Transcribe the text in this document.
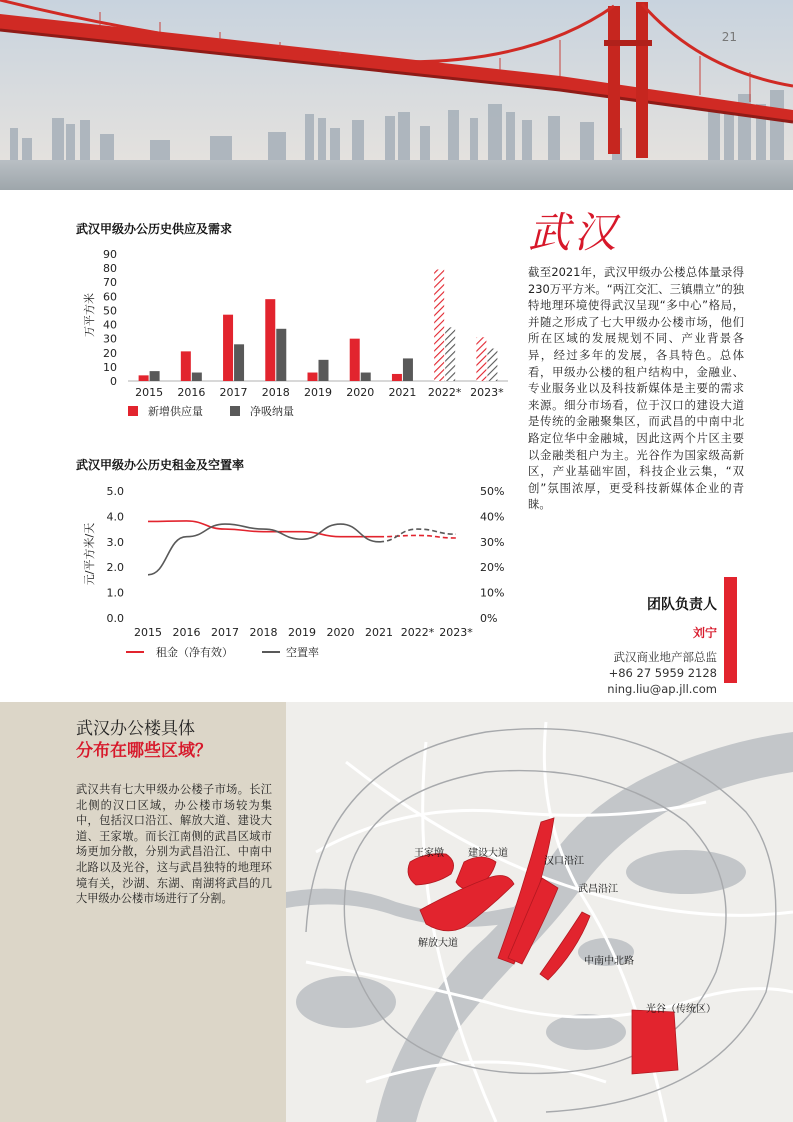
21
武汉甲级办公历史供应及需求
万平方米
0
10
20
30
40
50
60
70
80
90
2015 2016 2017 2018 2019 2020 2021 2022* 2023*
新增供应量	净吸纳量
武汉甲级办公历史租金及空置率
元/平方米/天
0.0
1.0
2.0
3.0
4.0
5.0
0%
10%
20%
30%
40%
50%
2015 2016 2017 2018 2019 2020 2021 2022* 2023*
租金（净有效）	空置率
武汉
截至2021年，武汉甲级办公楼总体量录得230万平方米。“两江交汇、三镇鼎立”的独特地理环境使得武汉呈现“多中心”格局，并随之形成了七大甲级办公楼市场，他们所在区域的发展规划不同、产业背景各异，经过多年的发展，各具特色。总体看，甲级办公楼的租户结构中，金融业、专业服务业以及科技新媒体是主要的需求来源。细分市场看，位于汉口的建设大道是传统的金融聚集区，而武昌的中南中北路定位华中金融城，因此这两个片区主要以金融类租户为主。光谷作为国家级高新区，产业基础牢固，科技企业云集，“双创”氛围浓厚，更受科技新媒体企业的青睐。
团队负责人
刘宁
武汉商业地产部总监
+86 27 5959 2128
ning.liu@ap.jll.com
武汉办公楼具体
分布在哪些区域？
武汉共有七大甲级办公楼子市场。长江北侧的汉口区域，办公楼市场较为集中，包括汉口沿江、解放大道、建设大道、王家墩。而长江南侧的武昌区域市场更加分散，分别为武昌沿江、中南中北路以及光谷，这与武昌独特的地理环境有关，沙湖、东湖、南湖将武昌的几大甲级办公楼市场进行了分割。
王家墩 建设大道
汉口沿江
武昌沿江
解放大道
中南中北路
光谷（传统区）
